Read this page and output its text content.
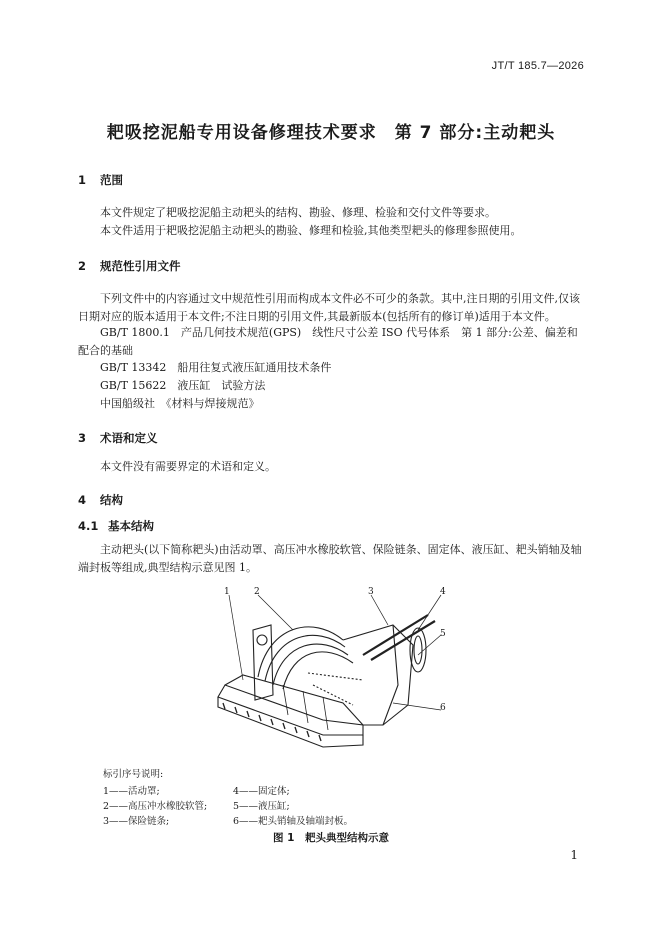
JT/T 185.7—2026
耙吸挖泥船专用设备修理技术要求　第 7 部分:主动耙头
1 范围
本文件规定了耙吸挖泥船主动耙头的结构、勘验、修理、检验和交付文件等要求。
本文件适用于耙吸挖泥船主动耙头的勘验、修理和检验,其他类型耙头的修理参照使用。
2 规范性引用文件
下列文件中的内容通过文中规范性引用而构成本文件必不可少的条款。其中,注日期的引用文件,仅该日期对应的版本适用于本文件;不注日期的引用文件,其最新版本(包括所有的修订单)适用于本文件。
GB/T 1800.1　产品几何技术规范(GPS)　线性尺寸公差 ISO 代号体系　第 1 部分:公差、偏差和配合的基础
GB/T 13342　船用往复式液压缸通用技术条件
GB/T 15622　液压缸　试验方法
中国船级社　《材料与焊接规范》
3 术语和定义
本文件没有需要界定的术语和定义。
4 结构
4.1 基本结构
主动耙头(以下简称耙头)由活动罩、高压冲水橡胶软管、保险链条、固定体、液压缸、耙头销轴及轴端封板等组成,典型结构示意见图 1。
1	2	3	4
5
6
标引序号说明:
1——活动罩;	4——固定体;
2——高压冲水橡胶软管;	5——液压缸;
3——保险链条;	6——耙头销轴及轴端封板。
图 1　耙头典型结构示意
1
